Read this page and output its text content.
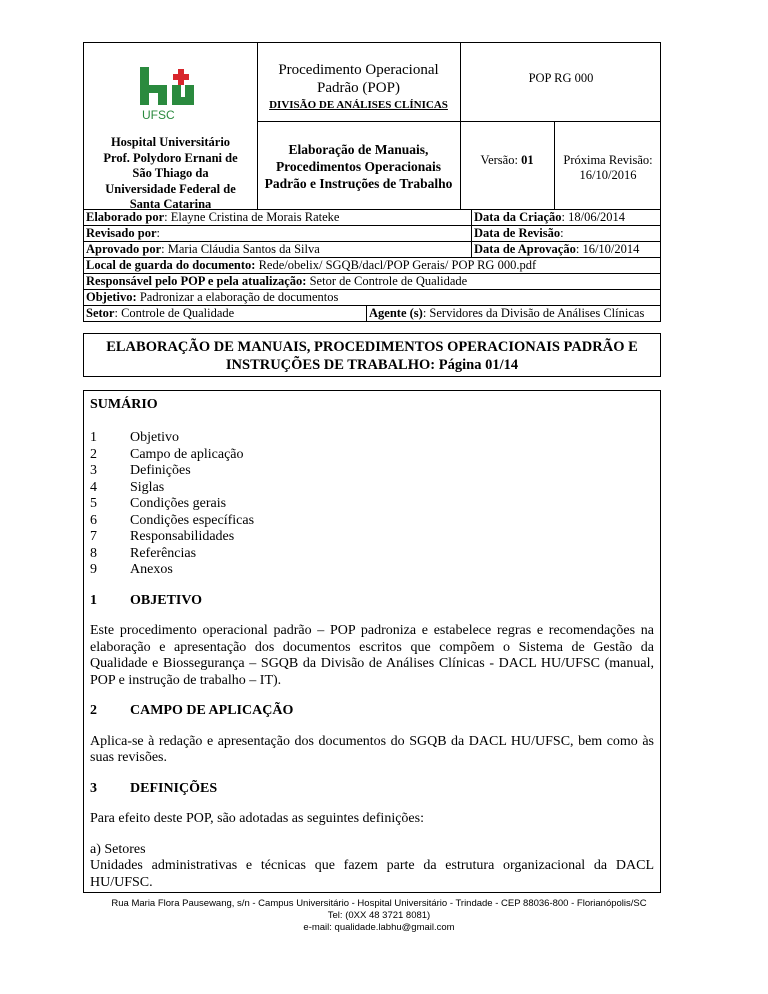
UFSC
Hospital Universitário
Prof. Polydoro Ernani de
São Thiago da
Universidade Federal de
Santa Catarina
Procedimento Operacional
Padrão (POP)
DIVISÃO DE ANÁLISES CLÍNICAS
POP RG 000
Elaboração de Manuais,
Procedimentos Operacionais
Padrão e Instruções de Trabalho
Versão: 01	Próxima Revisão:
16/10/2016
Elaborado por: Elayne Cristina de Morais Rateke	Data da Criação: 18/06/2014
Revisado por:	Data de Revisão:
Aprovado por: Maria Cláudia Santos da Silva	Data de Aprovação: 16/10/2014
Local de guarda do documento: Rede/obelix/ SGQB/dacl/POP Gerais/ POP RG 000.pdf
Responsável pelo POP e pela atualização: Setor de Controle de Qualidade
Objetivo: Padronizar a elaboração de documentos
Setor: Controle de Qualidade	Agente (s): Servidores da Divisão de Análises Clínicas
ELABORAÇÃO DE MANUAIS, PROCEDIMENTOS OPERACIONAIS PADRÃO E
INSTRUÇÕES DE TRABALHO: Página 01/14
SUMÁRIO
1 Objetivo
2 Campo de aplicação
3 Definições
4 Siglas
5 Condições gerais
6 Condições específicas
7 Responsabilidades
8 Referências
9 Anexos
1 OBJETIVO

Este procedimento operacional padrão – POP padroniza e estabelece regras e recomendações na elaboração e apresentação dos documentos escritos que compõem o Sistema de Gestão da Qualidade e Biossegurança – SGQB da Divisão de Análises Clínicas - DACL HU/UFSC (manual, POP e instrução de trabalho – IT).

2 CAMPO DE APLICAÇÃO

Aplica-se à redação e apresentação dos documentos do SGQB da DACL HU/UFSC, bem como às suas revisões.

3 DEFINIÇÕES

Para efeito deste POP, são adotadas as seguintes definições:

a) Setores

Unidades administrativas e técnicas que fazem parte da estrutura organizacional da DACL HU/UFSC.

Rua Maria Flora Pausewang, s/n - Campus Universitário - Hospital Universitário - Trindade - CEP 88036-800 - Florianópolis/SC
Tel: (0XX 48 3721 8081)
e-mail: qualidade.labhu@gmail.com
